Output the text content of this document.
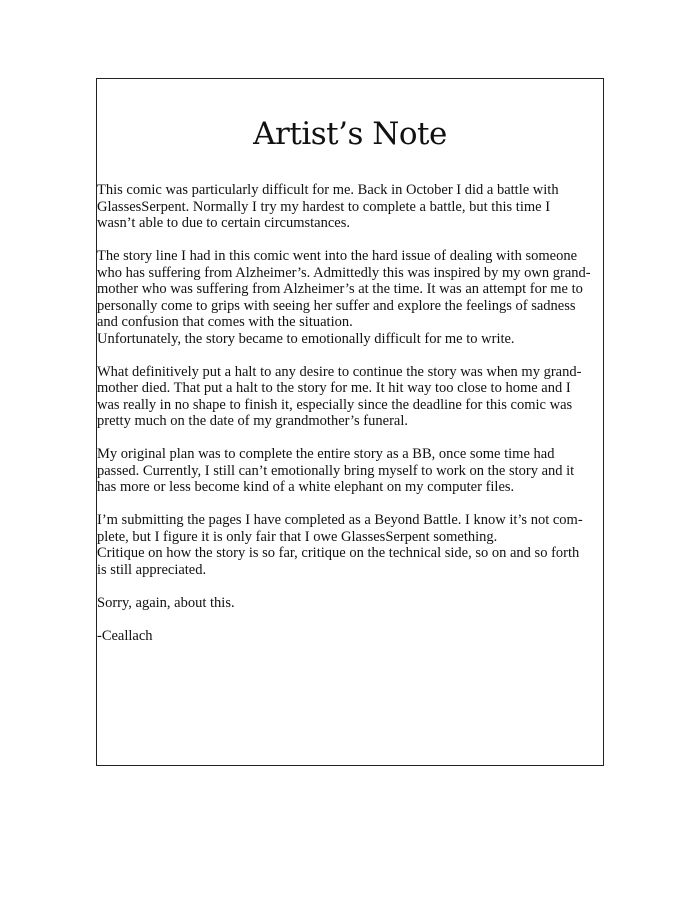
Artist’s Note
This comic was particularly difficult for me. Back in October I did a battle with
GlassesSerpent. Normally I try my hardest to complete a battle, but this time I
wasn’t able to due to certain circumstances.
The story line I had in this comic went into the hard issue of dealing with someone
who has suffering from Alzheimer’s. Admittedly this was inspired by my own grand-
mother who was suffering from Alzheimer’s at the time. It was an attempt for me to
personally come to grips with seeing her suffer and explore the feelings of sadness
and confusion that comes with the situation.
Unfortunately, the story became to emotionally difficult for me to write.
What definitively put a halt to any desire to continue the story was when my grand-
mother died. That put a halt to the story for me. It hit way too close to home and I
was really in no shape to finish it, especially since the deadline for this comic was
pretty much on the date of my grandmother’s funeral.
My original plan was to complete the entire story as a BB, once some time had
passed. Currently, I still can’t emotionally bring myself to work on the story and it
has more or less become kind of a white elephant on my computer files.
I’m submitting the pages I have completed as a Beyond Battle. I know it’s not com-
plete, but I figure it is only fair that I owe GlassesSerpent something.
Critique on how the story is so far, critique on the technical side, so on and so forth
is still appreciated.
Sorry, again, about this.
-Ceallach
